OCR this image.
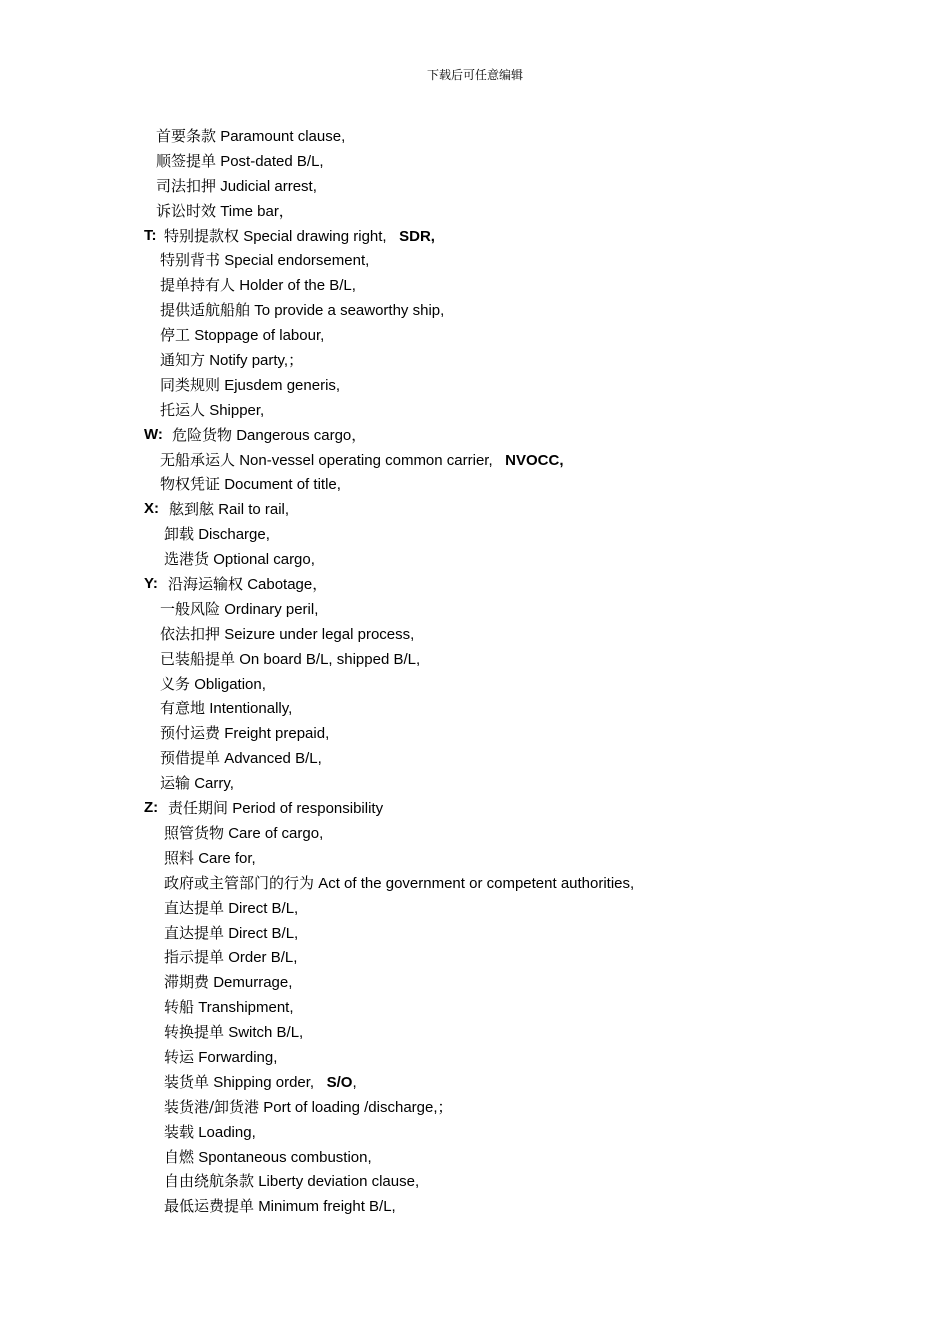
下载后可任意编辑
首要条款 Paramount clause,
顺签提单 Post-dated B/L,
司法扣押 Judicial arrest,
诉讼时效 Time bar，
T: 特别提款权 Special drawing right, SDR,
特别背书 Special endorsement,
提单持有人 Holder of the B/L,
提供适航船舶 To provide a seaworthy ship,
停工 Stoppage of labour,
通知方 Notify party,；
同类规则 Ejusdem generis,
托运人 Shipper,
W: 危险货物 Dangerous cargo，
无船承运人 Non-vessel operating common carrier, NVOCC,
物权凭证 Document of title,
X: 舷到舷 Rail to rail,
卸载 Discharge,
选港货 Optional cargo,
Y: 沿海运输权 Cabotage，
一般风险 Ordinary peril,
依法扣押 Seizure under legal process,
已装船提单 On board B/L, shipped B/L,
义务 Obligation,
有意地 Intentionally,
预付运费 Freight prepaid,
预借提单 Advanced B/L,
运输 Carry,
Z: 责任期间 Period of responsibility
照管货物 Care of cargo,
照料 Care for,
政府或主管部门的行为 Act of the government or competent authorities,
直达提单 Direct B/L,
直达提单 Direct B/L,
指示提单 Order B/L,
滞期费 Demurrage,
转船 Transhipment,
转换提单 Switch B/L,
转运 Forwarding,
装货单 Shipping order, S/O,
装货港/卸货港 Port of loading /discharge,；
装载 Loading,
自燃 Spontaneous combustion,
自由绕航条款 Liberty deviation clause,
最低运费提单 Minimum freight B/L,
